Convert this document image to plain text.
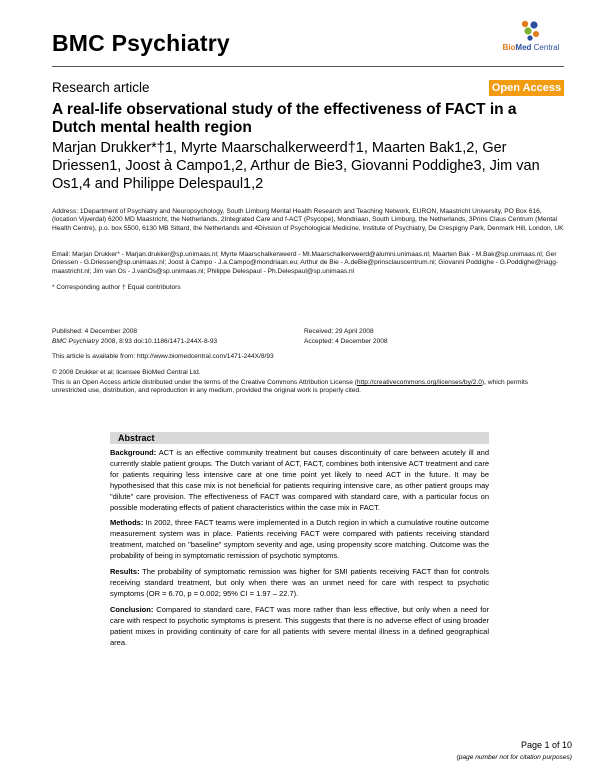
BMC Psychiatry	BioMed Central
Research article	Open Access
A real-life observational study of the effectiveness of FACT in a Dutch mental health region
Marjan Drukker*†1, Myrte Maarschalkerweerd†1, Maarten Bak1,2, Ger Driessen1, Joost à Campo1,2, Arthur de Bie3, Giovanni Poddighe3, Jim van Os1,4 and Philippe Delespaul1,2
Address: 1Department of Psychiatry and Neuropsychology, South Limburg Mental Health Research and Teaching Network, EURON, Maastricht University, PO Box 616, (location Vijverdal) 6200 MD Maastricht, the Netherlands, 2Integrated Care and f-ACT (Psycope), Mondriaan, South Limburg, the Netherlands, 3Prins Claus Centrum (Mental Health Centre), p.o. box 5500, 6130 MB Sittard, the Netherlands and 4Division of Psychological Medicine, Institute of Psychiatry, De Crespigny Park, Denmark Hill, London, UK
Email: Marjan Drukker* - Marjan.drukker@sp.unimaas.nl; Myrte Maarschalkerweerd - MI.Maarschalkerweerd@alumni.unimaas.nl; Maarten Bak - M.Bak@sp.unimaas.nl; Ger Driessen - G.Driessen@sp.unimaas.nl; Joost à Campo - J.a.Campo@mondriaan.eu; Arthur de Bie - A.deBie@prinsclauscentrum.nl; Giovanni Poddighe - G.Poddighe@riagg-maastricht.nl; Jim van Os - J.vanOs@sp.unimaas.nl; Philippe Delespaul - Ph.Delespaul@sp.unimaas.nl
* Corresponding author † Equal contributors
Published: 4 December 2008
BMC Psychiatry 2008, 8:93 doi:10.1186/1471-244X-8-93
Received: 29 April 2008
Accepted: 4 December 2008
This article is available from: http://www.biomedcentral.com/1471-244X/8/93
© 2008 Drukker et al; licensee BioMed Central Ltd.
This is an Open Access article distributed under the terms of the Creative Commons Attribution License (http://creativecommons.org/licenses/by/2.0), which permits unrestricted use, distribution, and reproduction in any medium, provided the original work is properly cited.
Abstract

Background: ACT is an effective community treatment but causes discontinuity of care between acutely ill and currently stable patient groups. The Dutch variant of ACT, FACT, combines both intensive ACT treatment and care for patients requiring less intensive care at one time point yet likely to need ACT in the future. It may be hypothesised that this case mix is not beneficial for patients requiring intensive care, as other patient groups may "dilute" care provision. The effectiveness of FACT was compared with standard care, with a particular focus on possible moderating effects of patient characteristics within the case mix in FACT.

Methods: In 2002, three FACT teams were implemented in a Dutch region in which a cumulative routine outcome measurement system was in place. Patients receiving FACT were compared with patients receiving standard treatment, matched on "baseline" symptom severity and age, using propensity score matching. Outcome was the probability of being in symptomatic remission of psychotic symptoms.

Results: The probability of symptomatic remission was higher for SMI patients receiving FACT than for controls receiving standard treatment, but only when there was an unmet need for care with respect to psychotic symptoms (OR = 6.70, p = 0.002; 95% CI = 1.97 – 22.7).

Conclusion: Compared to standard care, FACT was more rather than less effective, but only when a need for care with respect to psychotic symptoms is present. This suggests that there is no adverse effect of using broader patient mixes in providing continuity of care for all patients with severe mental illness in a defined geographical area.

Page 1 of 10
(page number not for citation purposes)
